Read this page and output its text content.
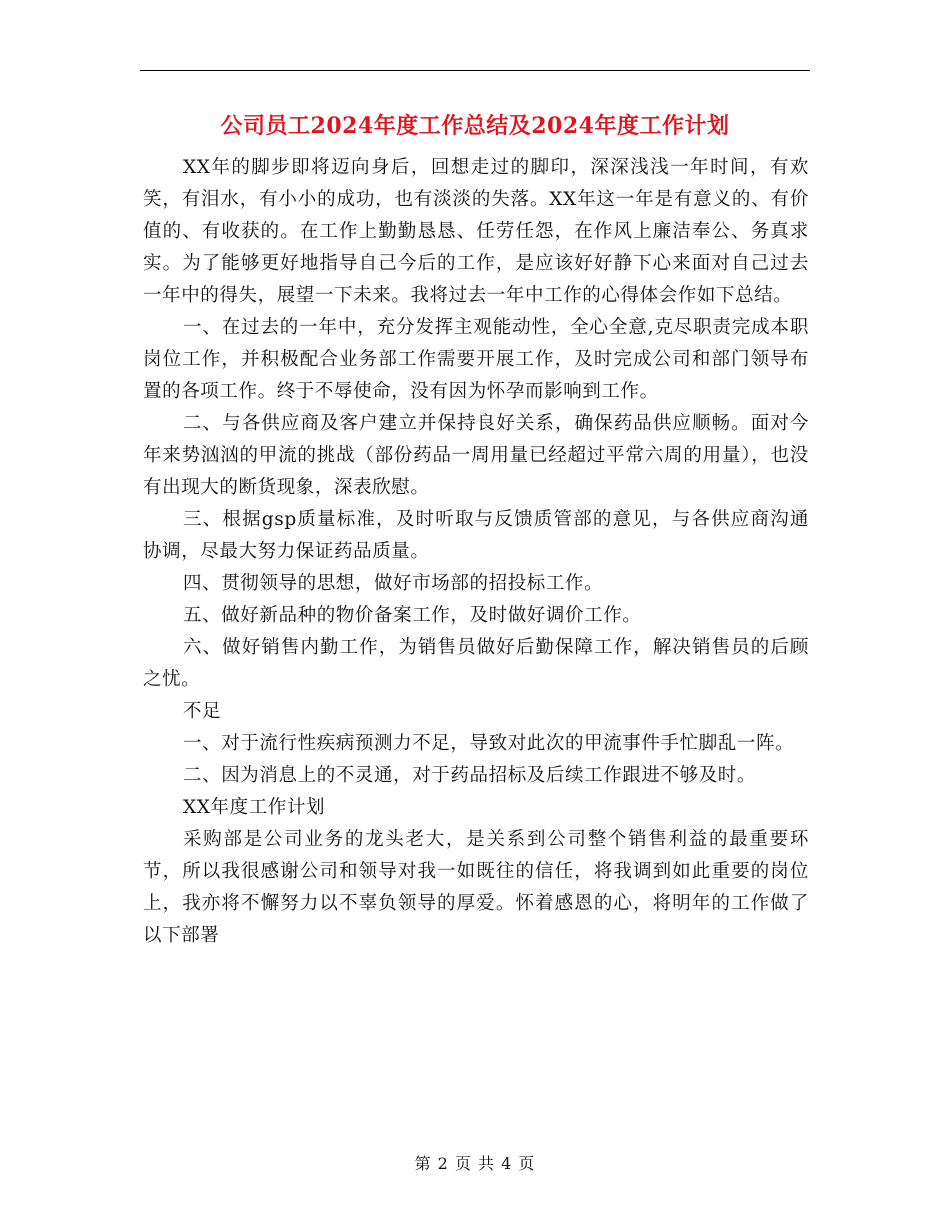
公司员工2024年度工作总结及2024年度工作计划

XX年的脚步即将迈向身后，回想走过的脚印，深深浅浅一年时间，有欢笑，有泪水，有小小的成功，也有淡淡的失落。XX年这一年是有意义的、有价值的、有收获的。在工作上勤勤恳恳、任劳任怨，在作风上廉洁奉公、务真求实。为了能够更好地指导自己今后的工作，是应该好好静下心来面对自己过去一年中的得失，展望一下未来。我将过去一年中工作的心得体会作如下总结。

一、在过去的一年中，充分发挥主观能动性，全心全意,克尽职责完成本职岗位工作，并积极配合业务部工作需要开展工作，及时完成公司和部门领导布置的各项工作。终于不辱使命，没有因为怀孕而影响到工作。

二、与各供应商及客户建立并保持良好关系，确保药品供应顺畅。面对今年来势汹汹的甲流的挑战（部份药品一周用量已经超过平常六周的用量），也没有出现大的断货现象，深表欣慰。

三、根据gsp质量标准，及时听取与反馈质管部的意见，与各供应商沟通协调，尽最大努力保证药品质量。

四、贯彻领导的思想，做好市场部的招投标工作。

五、做好新品种的物价备案工作，及时做好调价工作。

六、做好销售内勤工作，为销售员做好后勤保障工作，解决销售员的后顾之忧。

不足

一、对于流行性疾病预测力不足，导致对此次的甲流事件手忙脚乱一阵。

二、因为消息上的不灵通，对于药品招标及后续工作跟进不够及时。

XX年度工作计划

采购部是公司业务的龙头老大，是关系到公司整个销售利益的最重要环节，所以我很感谢公司和领导对我一如既往的信任，将我调到如此重要的岗位上，我亦将不懈努力以不辜负领导的厚爱。怀着感恩的心，将明年的工作做了以下部署

第 2 页 共 4 页
